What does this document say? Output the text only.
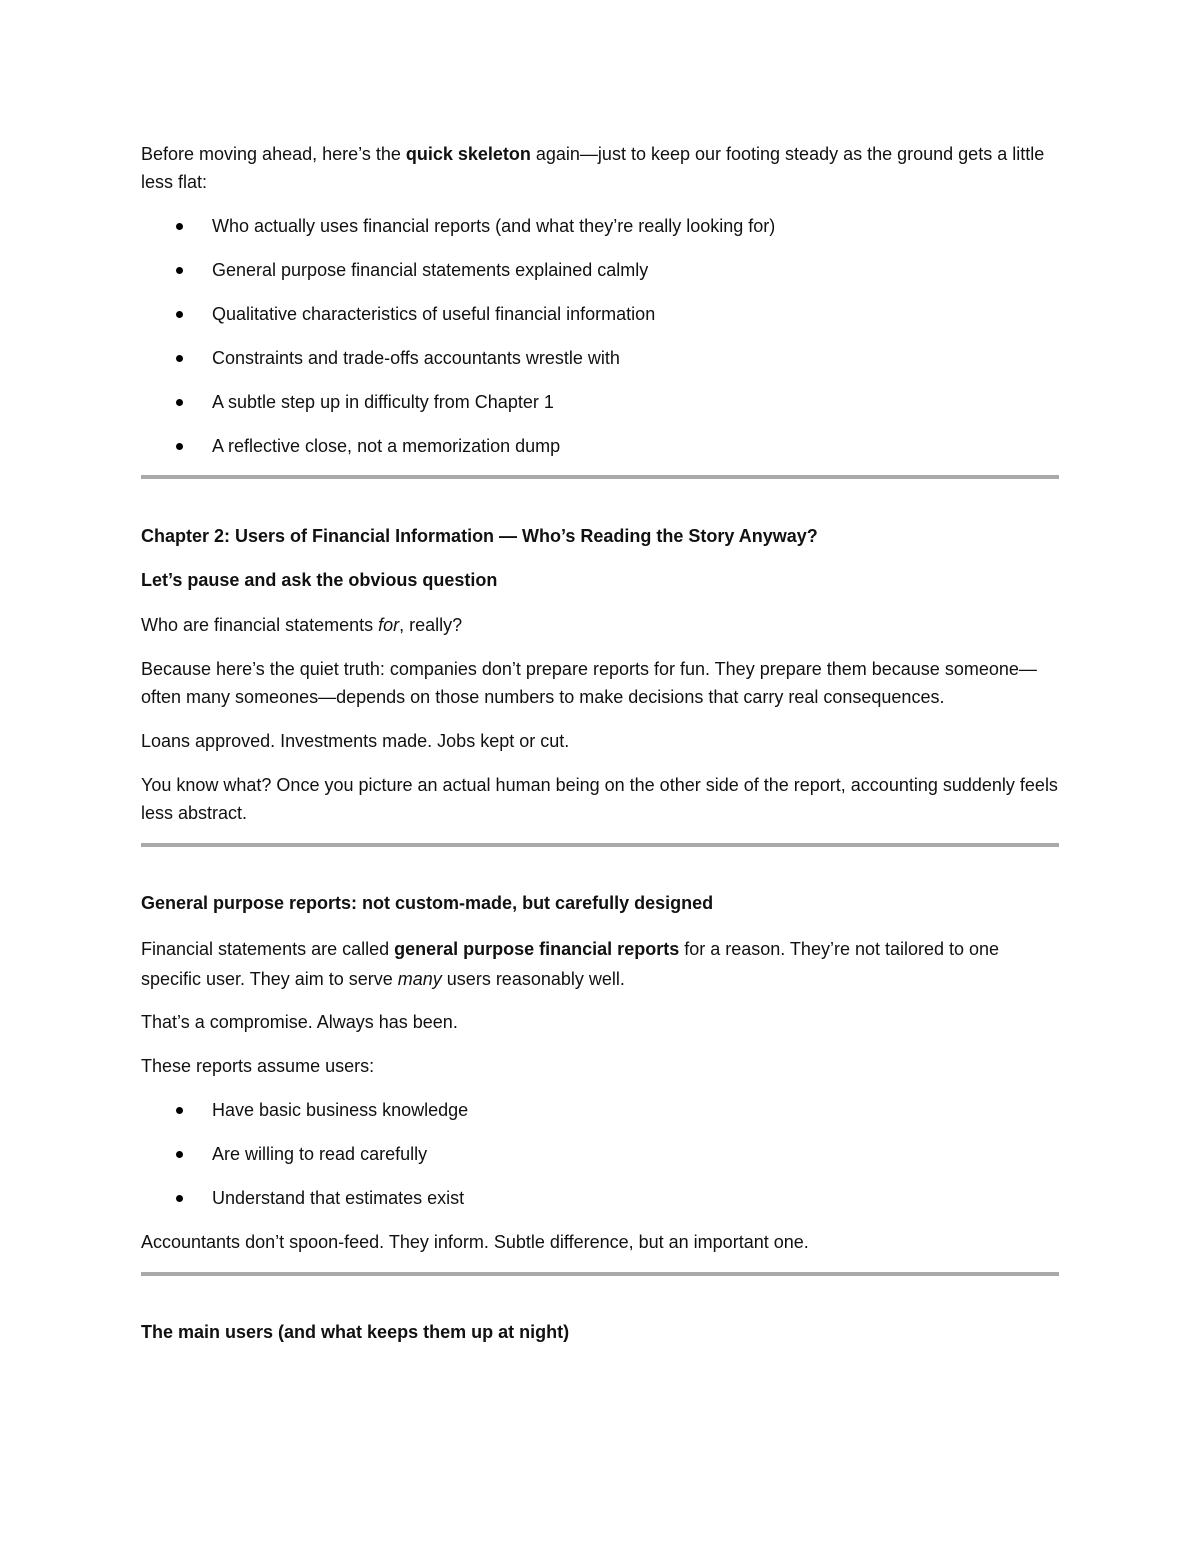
Before moving ahead, here’s the quick skeleton again—just to keep our footing steady as the ground gets a little less flat:

Who actually uses financial reports (and what they’re really looking for)
General purpose financial statements explained calmly
Qualitative characteristics of useful financial information
Constraints and trade-offs accountants wrestle with
A subtle step up in difficulty from Chapter 1
A reflective close, not a memorization dump
Chapter 2: Users of Financial Information — Who’s Reading the Story Anyway?
Let’s pause and ask the obvious question

Who are financial statements for, really?

Because here’s the quiet truth: companies don’t prepare reports for fun. They prepare them because someone—often many someones—depends on those numbers to make decisions that carry real consequences.

Loans approved. Investments made. Jobs kept or cut.

You know what? Once you picture an actual human being on the other side of the report, accounting suddenly feels less abstract.

General purpose reports: not custom-made, but carefully designed

Financial statements are called general purpose financial reports for a reason. They’re not tailored to one specific user. They aim to serve many users reasonably well.

That’s a compromise. Always has been.

These reports assume users:

Have basic business knowledge
Are willing to read carefully
Understand that estimates exist

Accountants don’t spoon-feed. They inform. Subtle difference, but an important one.

The main users (and what keeps them up at night)
